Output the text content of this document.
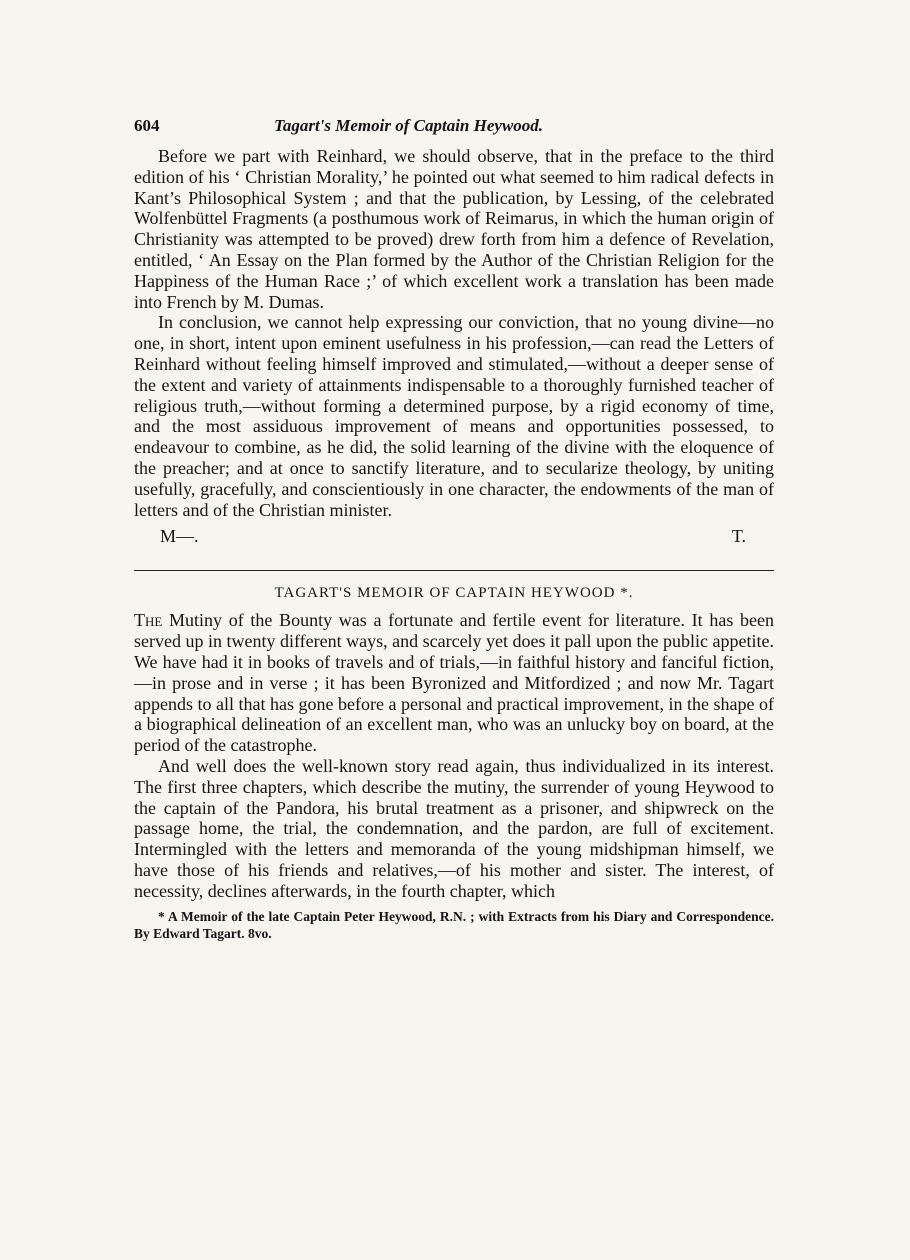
604	Tagart's Memoir of Captain Heywood.

Before we part with Reinhard, we should observe, that in the preface to the third edition of his ‘ Christian Morality,’ he pointed out what seemed to him radical defects in Kant’s Philosophical System ; and that the publication, by Lessing, of the celebrated Wolfenbüttel Fragments (a posthumous work of Reimarus, in which the human origin of Christianity was attempted to be proved) drew forth from him a defence of Revelation, entitled, ‘ An Essay on the Plan formed by the Author of the Christian Religion for the Happiness of the Human Race ;’ of which excellent work a translation has been made into French by M. Dumas.

In conclusion, we cannot help expressing our conviction, that no young divine—no one, in short, intent upon eminent usefulness in his profession,—can read the Letters of Reinhard without feeling himself improved and stimulated,—without a deeper sense of the extent and variety of attainments indispensable to a thoroughly furnished teacher of religious truth,—without forming a determined purpose, by a rigid economy of time, and the most assiduous improvement of means and opportunities possessed, to endeavour to combine, as he did, the solid learning of the divine with the eloquence of the preacher; and at once to sanctify literature, and to secularize theology, by uniting usefully, gracefully, and conscientiously in one character, the endowments of the man of letters and of the Christian minister.

M—.	T.
TAGART'S MEMOIR OF CAPTAIN HEYWOOD *.

The Mutiny of the Bounty was a fortunate and fertile event for literature. It has been served up in twenty different ways, and scarcely yet does it pall upon the public appetite. We have had it in books of travels and of trials,—in faithful history and fanciful fiction,—in prose and in verse ; it has been Byronized and Mitfordized ; and now Mr. Tagart appends to all that has gone before a personal and practical improvement, in the shape of a biographical delineation of an excellent man, who was an unlucky boy on board, at the period of the catastrophe.

And well does the well-known story read again, thus individualized in its interest. The first three chapters, which describe the mutiny, the surrender of young Heywood to the captain of the Pandora, his brutal treatment as a prisoner, and shipwreck on the passage home, the trial, the condemnation, and the pardon, are full of excitement. Intermingled with the letters and memoranda of the young midshipman himself, we have those of his friends and relatives,—of his mother and sister. The interest, of necessity, declines afterwards, in the fourth chapter, which

* A Memoir of the late Captain Peter Heywood, R.N. ; with Extracts from his Diary and Correspondence. By Edward Tagart. 8vo.
